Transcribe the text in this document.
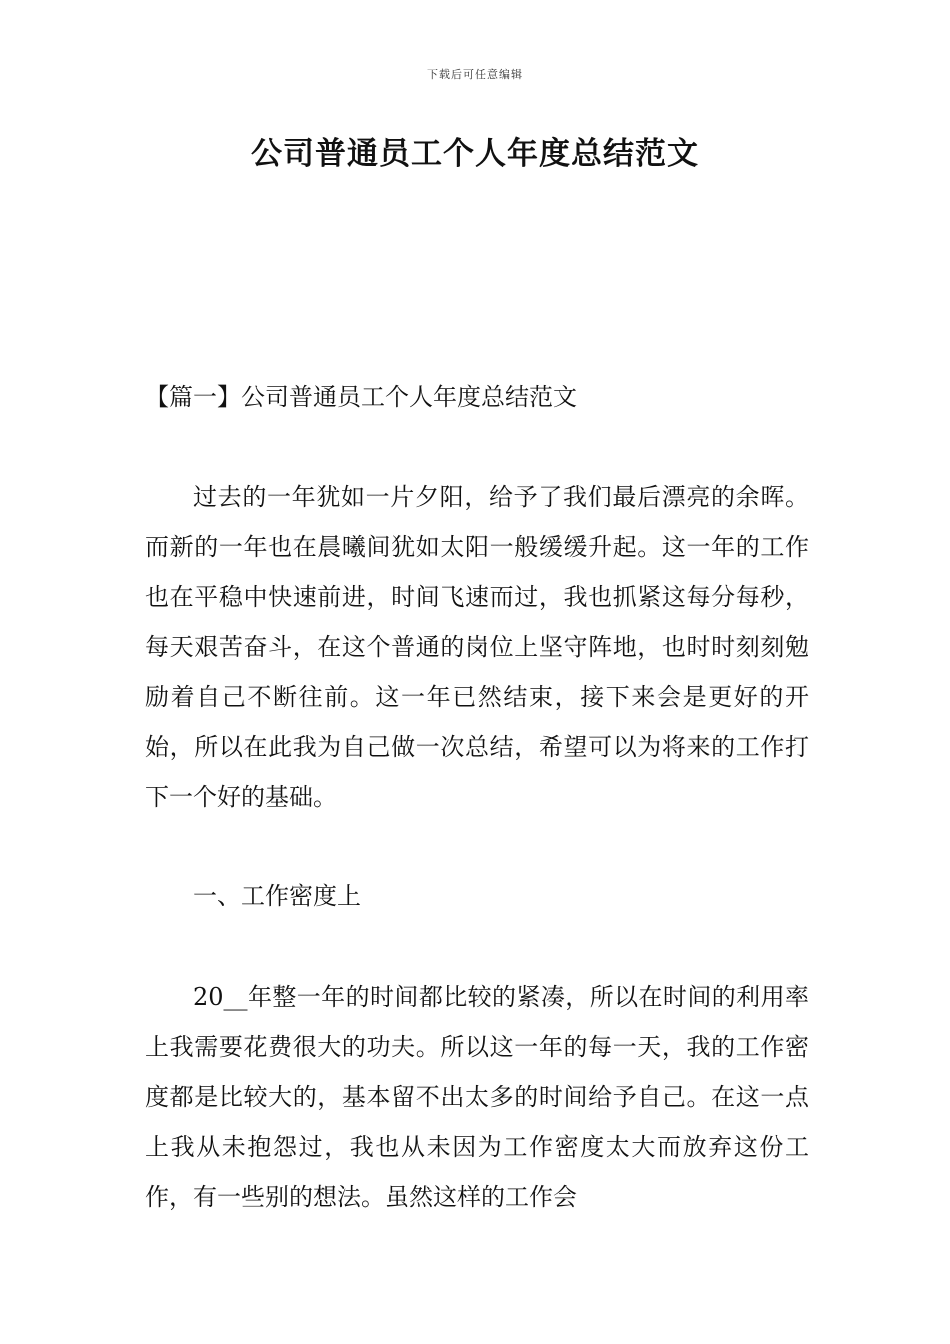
下载后可任意编辑
公司普通员工个人年度总结范文

【篇一】公司普通员工个人年度总结范文

过去的一年犹如一片夕阳，给予了我们最后漂亮的余晖。而新的一年也在晨曦间犹如太阳一般缓缓升起。这一年的工作也在平稳中快速前进，时间飞速而过，我也抓紧这每分每秒，每天艰苦奋斗，在这个普通的岗位上坚守阵地，也时时刻刻勉励着自己不断往前。这一年已然结束，接下来会是更好的开始，所以在此我为自己做一次总结，希望可以为将来的工作打下一个好的基础。

一、工作密度上

20__年整一年的时间都比较的紧凑，所以在时间的利用率上我需要花费很大的功夫。所以这一年的每一天，我的工作密度都是比较大的，基本留不出太多的时间给予自己。在这一点上我从未抱怨过，我也从未因为工作密度太大而放弃这份工作，有一些别的想法。虽然这样的工作会
